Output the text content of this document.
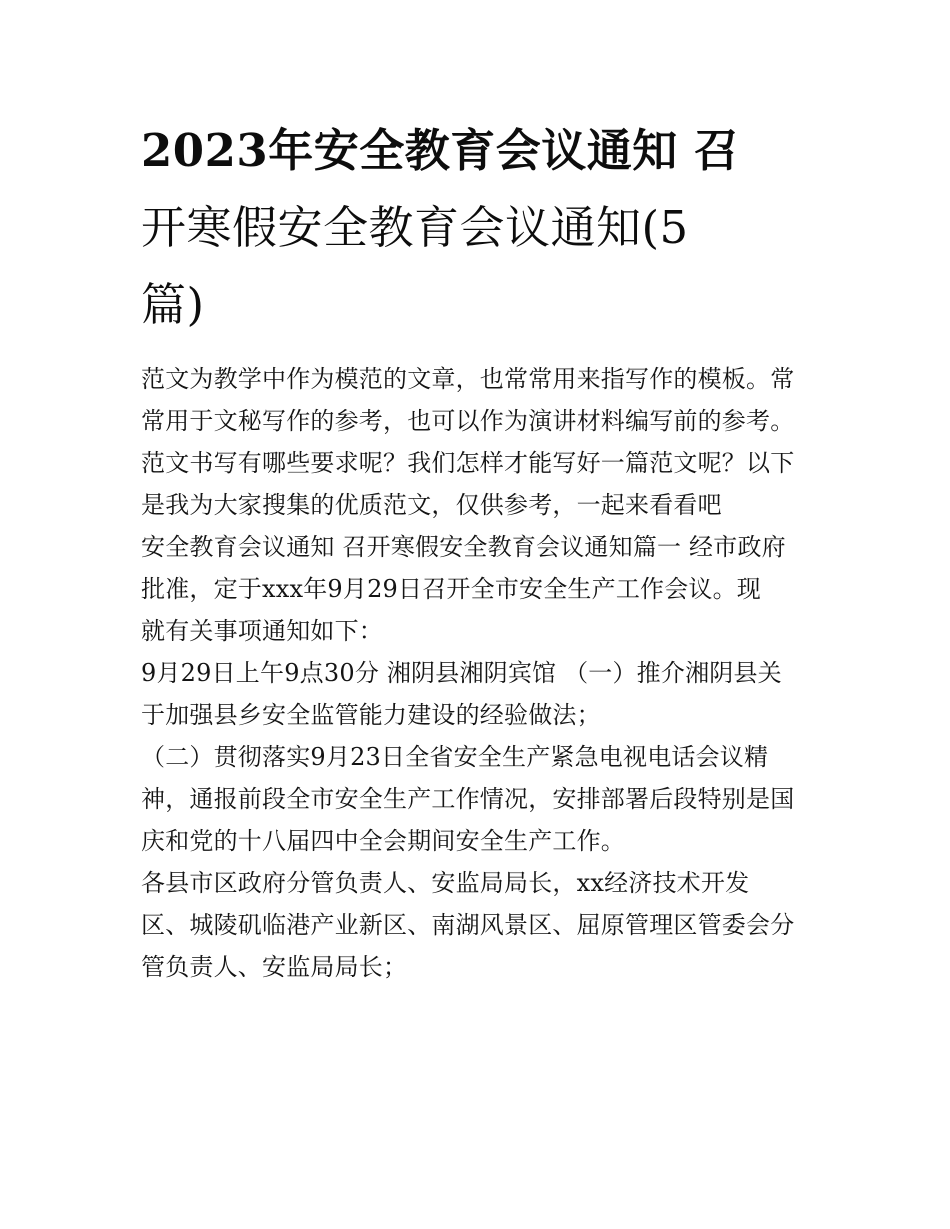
2023年安全教育会议通知 召
开寒假安全教育会议通知(5
篇)
范文为教学中作为模范的文章，也常常用来指写作的模板。常
常用于文秘写作的参考，也可以作为演讲材料编写前的参考。
范文书写有哪些要求呢？我们怎样才能写好一篇范文呢？以下
是我为大家搜集的优质范文，仅供参考，一起来看看吧
安全教育会议通知 召开寒假安全教育会议通知篇一 经市政府
批准，定于xxx年9月29日召开全市安全生产工作会议。现
就有关事项通知如下：
9月29日上午9点30分 湘阴县湘阴宾馆 （一）推介湘阴县关
于加强县乡安全监管能力建设的经验做法；
（二）贯彻落实9月23日全省安全生产紧急电视电话会议精
神，通报前段全市安全生产工作情况，安排部署后段特别是国
庆和党的十八届四中全会期间安全生产工作。
各县市区政府分管负责人、安监局局长，xx经济技术开发
区、城陵矶临港产业新区、南湖风景区、屈原管理区管委会分
管负责人、安监局局长；
